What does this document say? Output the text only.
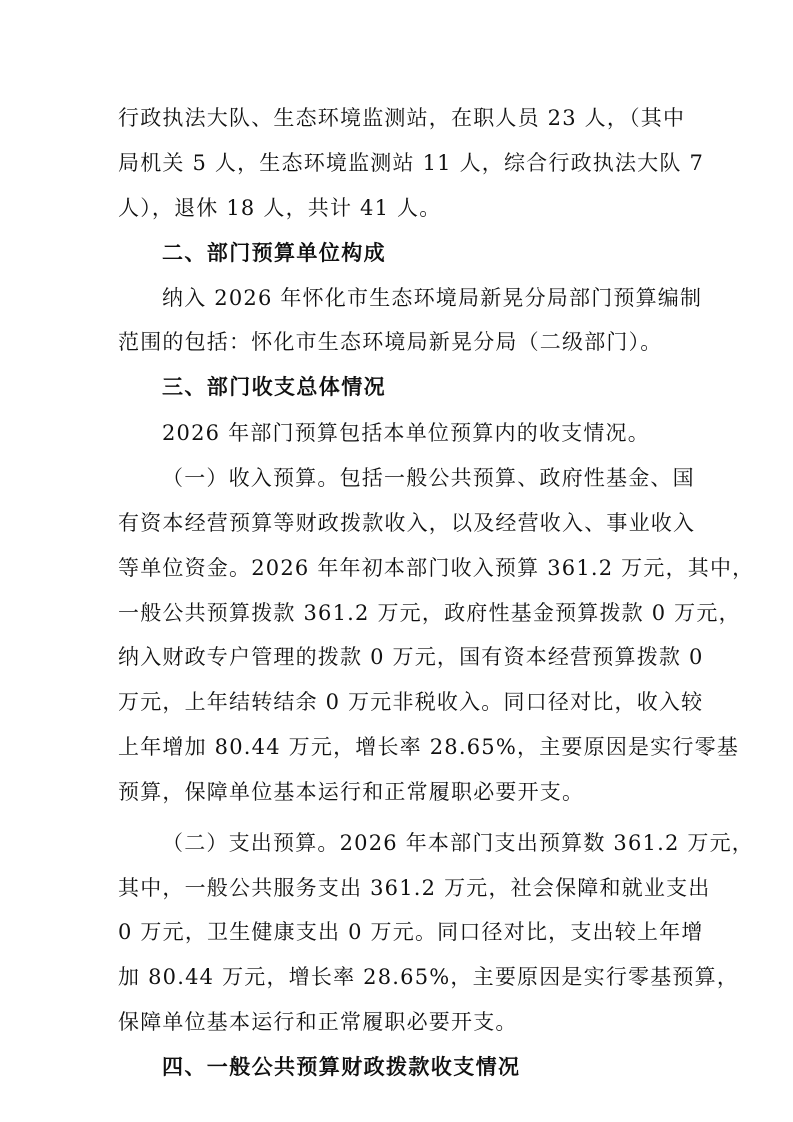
行政执法大队、生态环境监测站，在职人员 23 人，（其中
局机关 5 人，生态环境监测站 11 人，综合行政执法大队 7
人），退休 18 人，共计 41 人。
二、部门预算单位构成
纳入 2026 年怀化市生态环境局新晃分局部门预算编制
范围的包括：怀化市生态环境局新晃分局（二级部门）。
三、部门收支总体情况
2026 年部门预算包括本单位预算内的收支情况。
（一）收入预算。包括一般公共预算、政府性基金、国
有资本经营预算等财政拨款收入，以及经营收入、事业收入
等单位资金。2026 年年初本部门收入预算 361.2 万元，其中，
一般公共预算拨款 361.2 万元，政府性基金预算拨款 0 万元，
纳入财政专户管理的拨款 0 万元，国有资本经营预算拨款 0
万元，上年结转结余 0 万元非税收入。同口径对比，收入较
上年增加 80.44 万元，增长率 28.65%，主要原因是实行零基
预算，保障单位基本运行和正常履职必要开支。
（二）支出预算。2026 年本部门支出预算数 361.2 万元，
其中，一般公共服务支出 361.2 万元，社会保障和就业支出
0 万元，卫生健康支出 0 万元。同口径对比，支出较上年增
加 80.44 万元，增长率 28.65%，主要原因是实行零基预算，
保障单位基本运行和正常履职必要开支。
四、一般公共预算财政拨款收支情况
